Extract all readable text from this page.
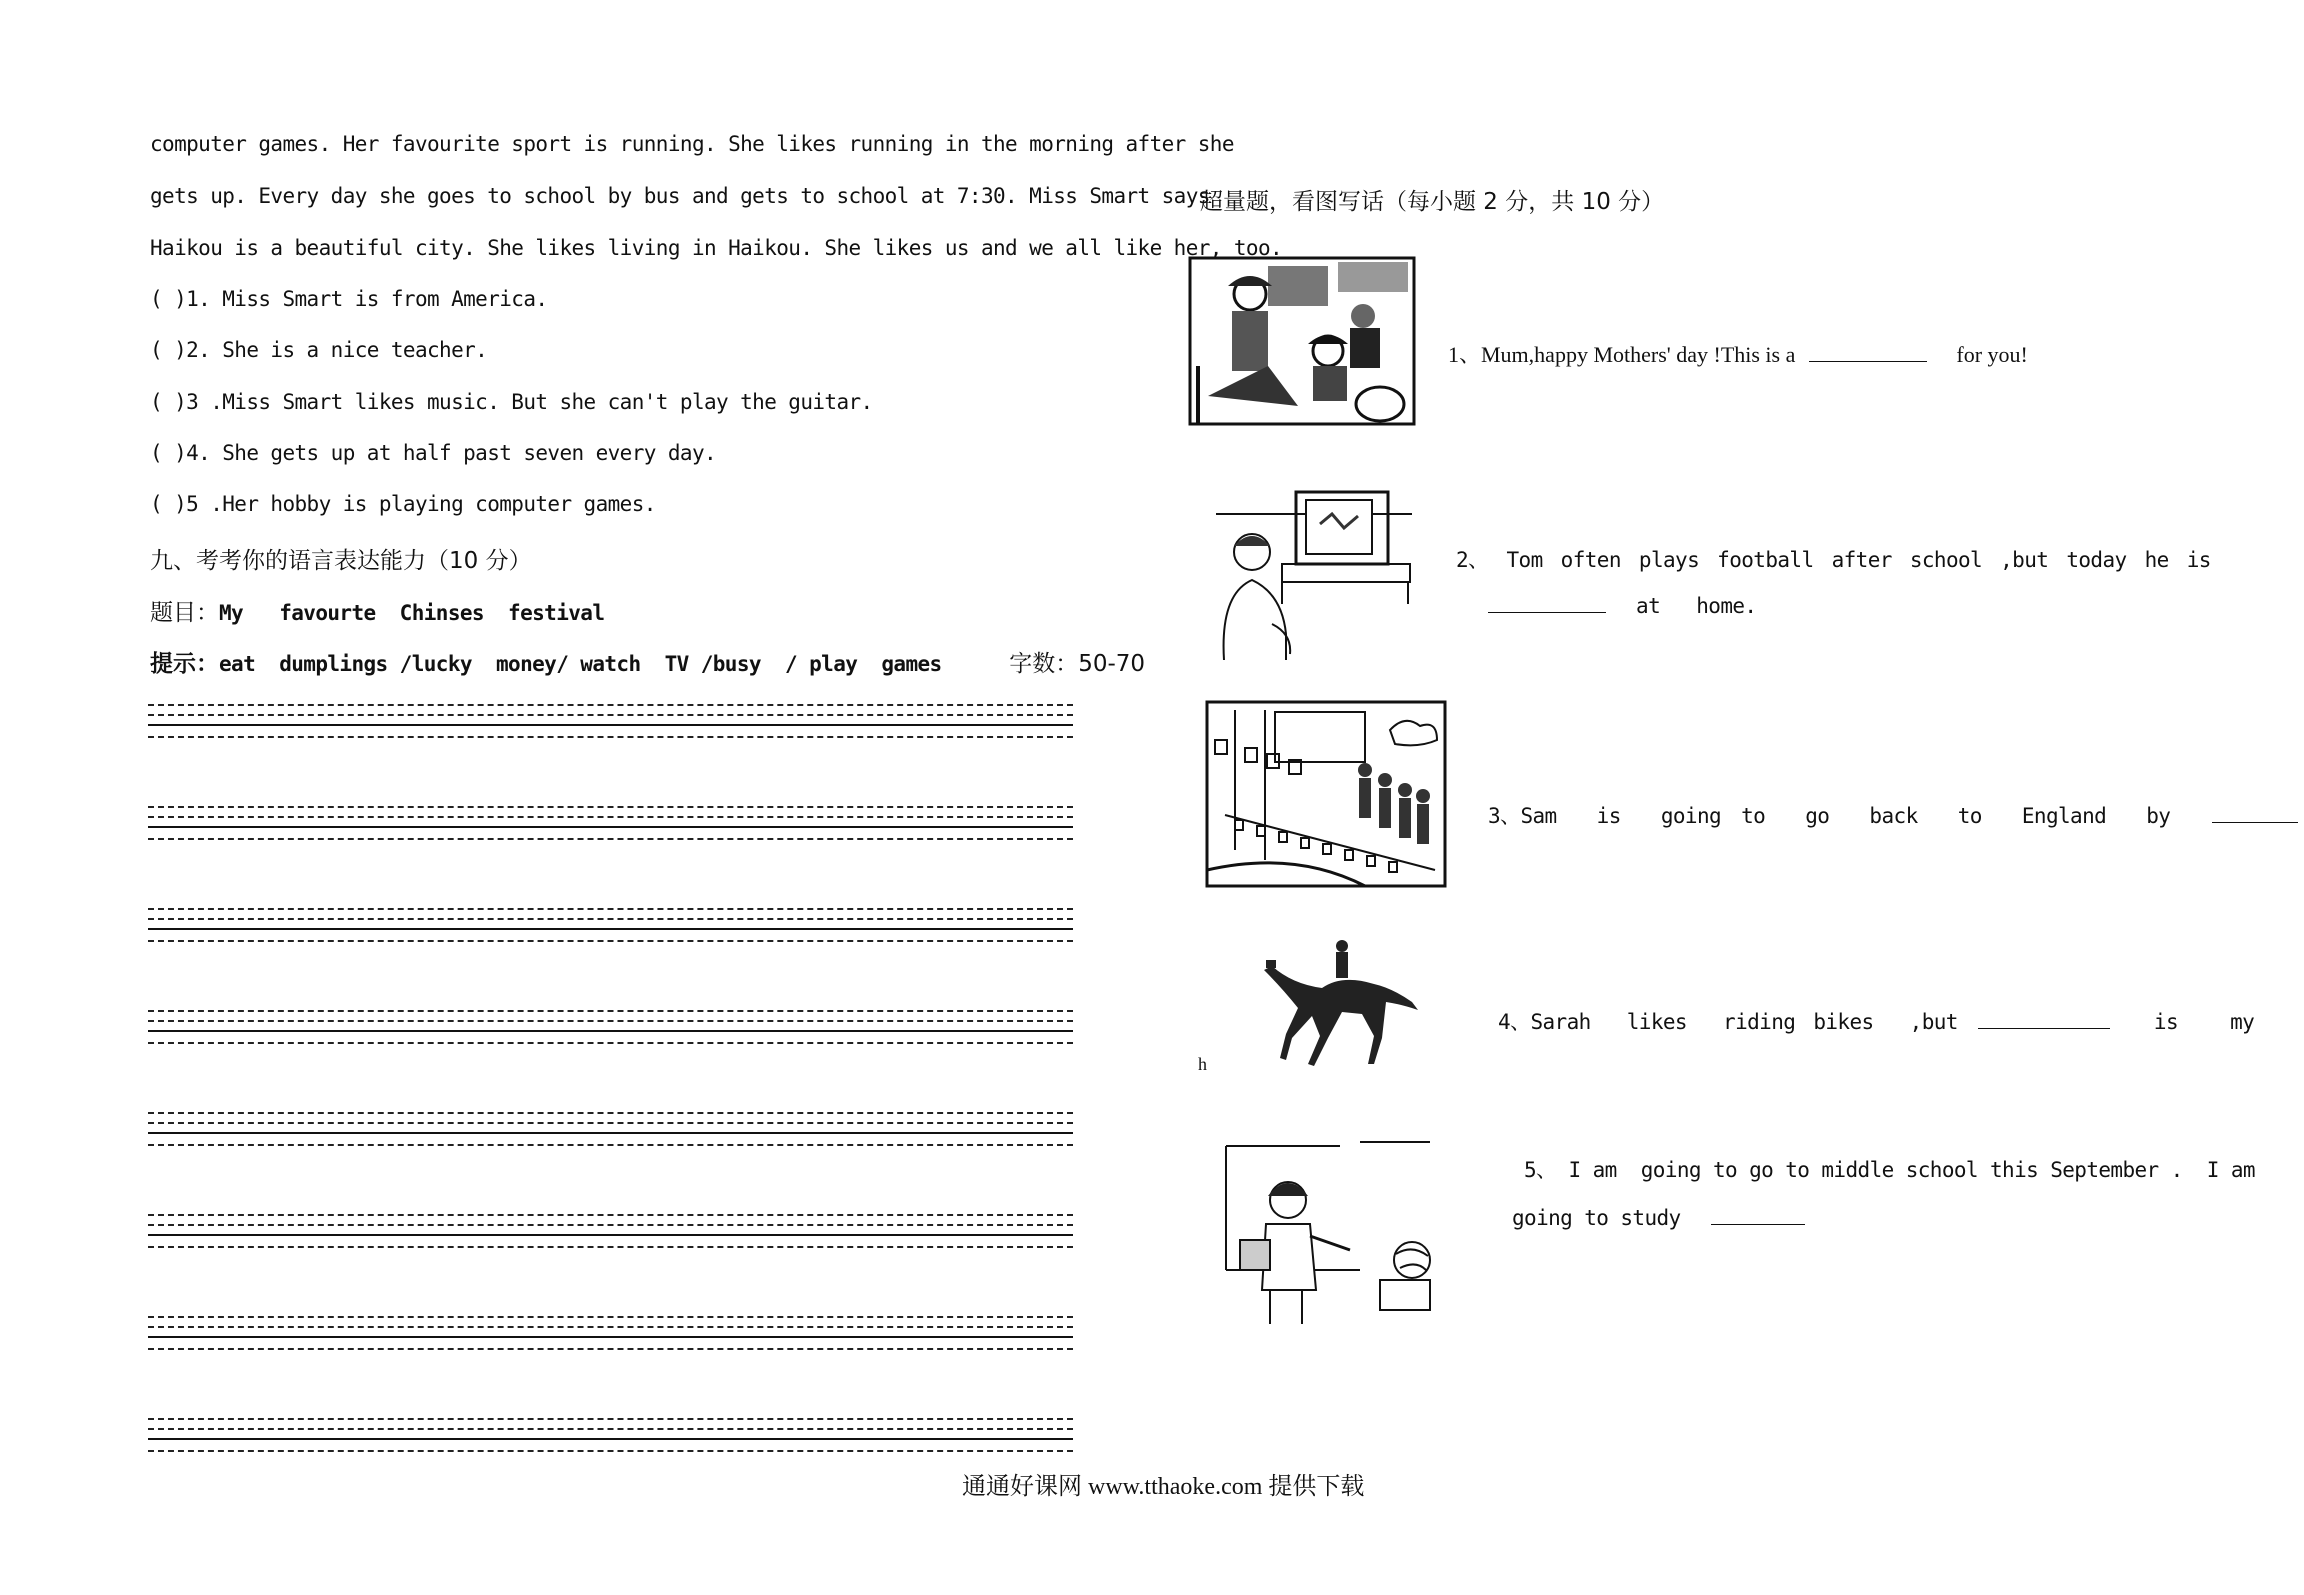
computer games. Her favourite sport is running. She likes running in the morning after she
gets up. Every day she goes to school by bus and gets to school at 7:30. Miss Smart says
Haikou is a beautiful city. She likes living in Haikou. She likes us and we all like her, too.
( )1. Miss Smart is from America.
( )2. She is a nice teacher.
( )3 .Miss Smart likes music. But she can't play the guitar.
( )4. She gets up at half past seven every day.
( )5 .Her hobby is playing computer games.
九、考考你的语言表达能力（10 分）
题目：My   favourte  Chinses  festival
提示：eat  dumplings /lucky  money/ watch  TV /busy  / play  games	字数：50-70
超量题，看图写话（每小题 2 分，共 10 分）
1、Mum,happy Mothers' day !This is a	for you!
2、 Tom often plays football after school ,but today he is
at   home.
3、Sam  is  going to  go  back  to  England  by
h
4、Sarah  likes  riding bikes  ,but	is  my
5、 I am  going to go to middle school this September .  I am
going to study
通通好课网 www.tthaoke.com 提供下载
